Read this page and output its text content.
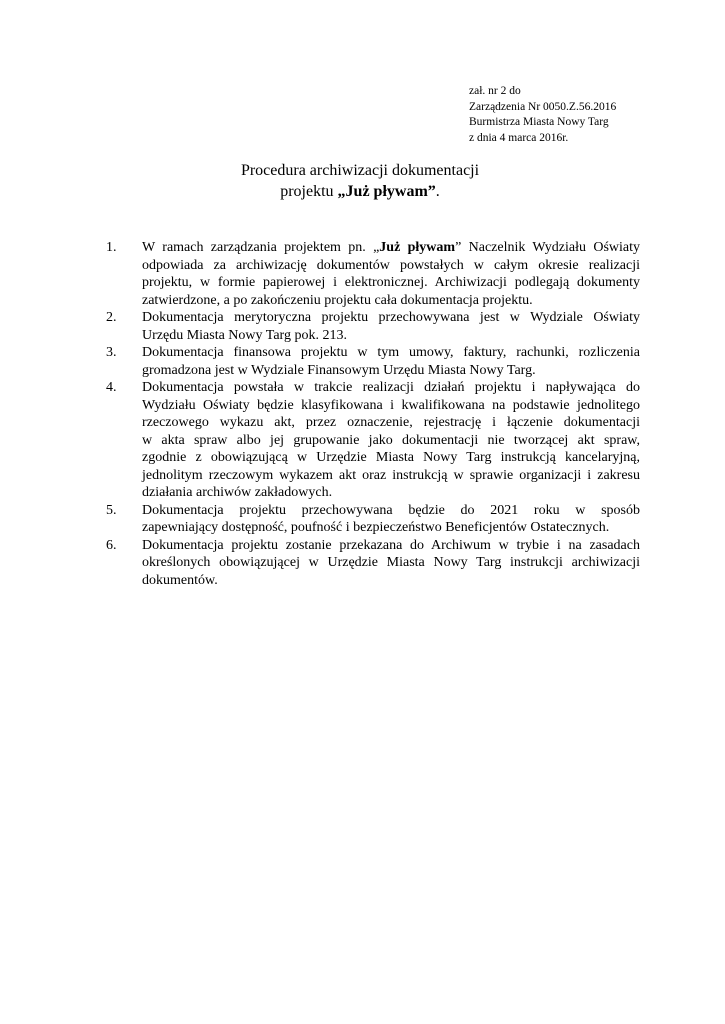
zał. nr 2 do
Zarządzenia Nr 0050.Z.56.2016
Burmistrza Miasta Nowy Targ
z dnia 4 marca 2016r.
Procedura archiwizacji dokumentacji
projektu „Już pływam”.
1. W ramach zarządzania projektem pn. „Już pływam” Naczelnik Wydziału Oświaty
odpowiada za archiwizację dokumentów powstałych w całym okresie realizacji
projektu, w formie papierowej i elektronicznej. Archiwizacji podlegają dokumenty
zatwierdzone, a po zakończeniu projektu cała dokumentacja projektu.
2. Dokumentacja merytoryczna projektu przechowywana jest w Wydziale Oświaty
Urzędu Miasta Nowy Targ pok. 213.
3. Dokumentacja finansowa projektu w tym umowy, faktury, rachunki, rozliczenia
gromadzona jest w Wydziale Finansowym Urzędu Miasta Nowy Targ.
4. Dokumentacja powstała w trakcie realizacji działań projektu i napływająca do
Wydziału Oświaty będzie klasyfikowana i kwalifikowana na podstawie jednolitego
rzeczowego wykazu akt, przez oznaczenie, rejestrację i łączenie dokumentacji
w akta spraw albo jej grupowanie jako dokumentacji nie tworzącej akt spraw,
zgodnie z obowiązującą w Urzędzie Miasta Nowy Targ instrukcją kancelaryjną,
jednolitym rzeczowym wykazem akt oraz instrukcją w sprawie organizacji i zakresu
działania archiwów zakładowych.
5. Dokumentacja projektu przechowywana będzie do 2021 roku w sposób
zapewniający dostępność, poufność i bezpieczeństwo Beneficjentów Ostatecznych.
6. Dokumentacja projektu zostanie przekazana do Archiwum w trybie i na zasadach
określonych obowiązującej w Urzędzie Miasta Nowy Targ instrukcji archiwizacji
dokumentów.
